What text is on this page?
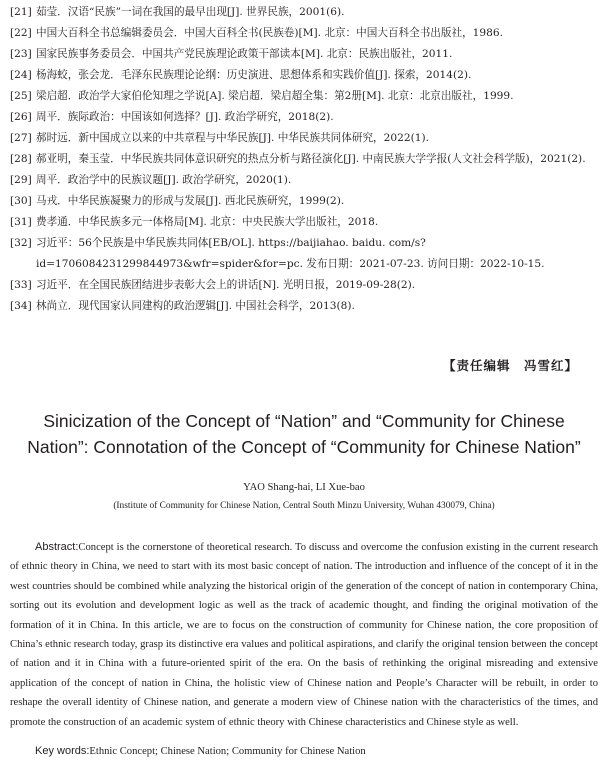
[21] 茹莹．汉语“民族”一词在我国的最早出现[J]. 世界民族，2001(6).
[22] 中国大百科全书总编辑委员会．中国大百科全书(民族卷)[M]. 北京：中国大百科全书出版社，1986.
[23] 国家民族事务委员会．中国共产党民族理论政策干部读本[M]. 北京：民族出版社，2011.
[24] 杨海蛟，张会龙．毛泽东民族理论论纲：历史演进、思想体系和实践价值[J]. 探索，2014(2).
[25] 梁启超．政治学大家伯伦知理之学说[A]. 梁启超．梁启超全集：第2册[M]. 北京：北京出版社，1999.
[26] 周平．族际政治：中国该如何选择？[J]. 政治学研究，2018(2).
[27] 郝时远．新中国成立以来的中共章程与中华民族[J]. 中华民族共同体研究，2022(1).
[28] 郝亚明，秦玉莹．中华民族共同体意识研究的热点分析与路径演化[J]. 中南民族大学学报(人文社会科学版)，2021(2).
[29] 周平．政治学中的民族议题[J]. 政治学研究，2020(1).
[30] 马戎．中华民族凝聚力的形成与发展[J]. 西北民族研究，1999(2).
[31] 费孝通．中华民族多元一体格局[M]. 北京：中央民族大学出版社，2018.
[32] 习近平：56个民族是中华民族共同体[EB/OL]. https://baijiahao. baidu. com/s?id=1706084231299844973&wfr=spider&for=pc. 发布日期：2021-07-23. 访问日期：2022-10-15.
[33] 习近平．在全国民族团结进步表彰大会上的讲话[N]. 光明日报，2019-09-28(2).
[34] 林尚立．现代国家认同建构的政治逻辑[J]. 中国社会科学，2013(8).
【责任编辑　冯雪红】
Sinicization of the Concept of “Nation” and “Community for Chinese
Nation”: Connotation of the Concept of “Community for Chinese Nation”
YAO Shang-hai, LI Xue-bao
(Institute of Community for Chinese Nation, Central South Minzu University, Wuhan 430079, China)

Abstract:Concept is the cornerstone of theoretical research. To discuss and overcome the confusion existing in the current research of ethnic theory in China, we need to start with its most basic concept of nation. The introduction and influence of the concept of it in the west countries should be combined while analyzing the historical origin of the generation of the concept of nation in contemporary China, sorting out its evolution and development logic as well as the track of academic thought, and finding the original motivation of the formation of it in China. In this article, we are to focus on the construction of community for Chinese nation, the core proposition of China’s ethnic research today, grasp its distinctive era values and political aspirations, and clarify the original tension between the concept of nation and it in China with a future-oriented spirit of the era. On the basis of rethinking the original misreading and extensive application of the concept of nation in China, the holistic view of Chinese nation and People’s Character will be rebuilt, in order to reshape the overall identity of Chinese nation, and generate a modern view of Chinese nation with the characteristics of the times, and promote the construction of an academic system of ethnic theory with Chinese characteristics and Chinese style as well.

Key words:Ethnic Concept; Chinese Nation; Community for Chinese Nation
